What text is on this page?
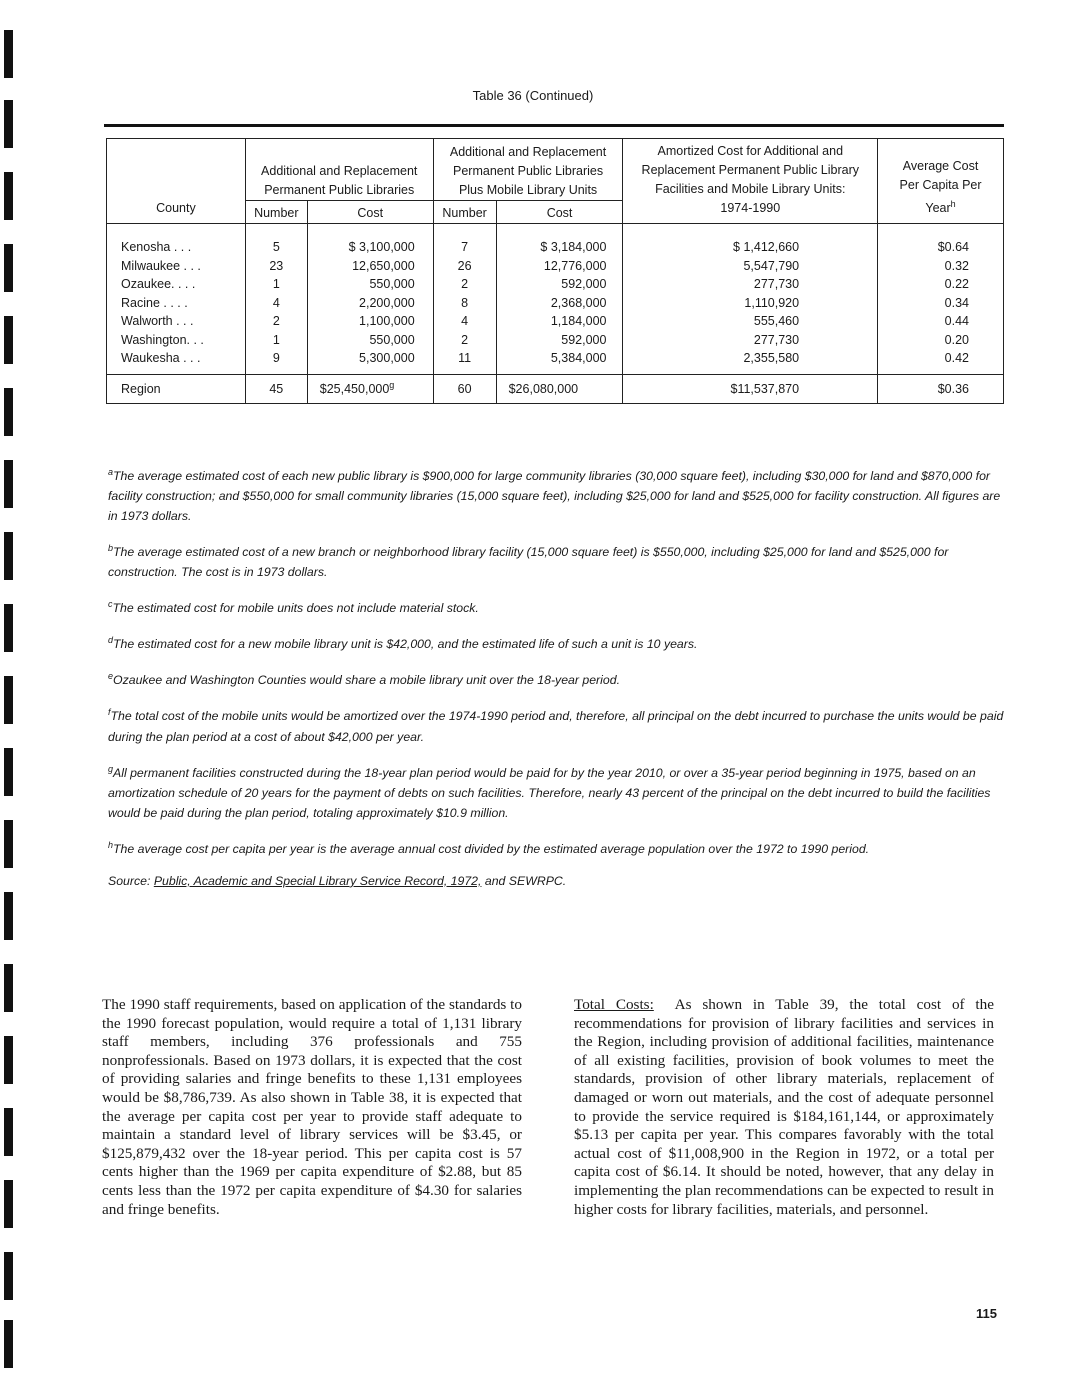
Table 36 (Continued)
County	Additional and Replacement Permanent Public Libraries		Additional and Replacement Permanent Public Libraries Plus Mobile Library Units		Amortized Cost for Additional and Replacement Permanent Public Library Facilities and Mobile Library Units: 1974-1990	Average Cost Per Capita Per Year$^h$
	Number	Cost	Number	Cost		
Kenosha . . .	5	$ 3,100,000	7	$ 3,184,000	$ 1,412,660	$0.64
Milwaukee . . .	23	12,650,000	26	12,776,000	5,547,790	0.32
Ozaukee. . . .	1	550,000	2	592,000	277,730	0.22
Racine . . . .	4	2,200,000	8	2,368,000	1,110,920	0.34
Walworth . . .	2	1,100,000	4	1,184,000	555,460	0.44
Washington. . .	1	550,000	2	592,000	277,730	0.20
Waukesha . . .	9	5,300,000	11	5,384,000	2,355,580	0.42
Region	45	$25,450,000$^g$	60	$26,080,000	$11,537,870	$0.36

$^a$The average estimated cost of each new public library is $900,000 for large community libraries (30,000 square feet), including $30,000 for land and $870,000 for facility construction; and $550,000 for small community libraries (15,000 square feet), including $25,000 for land and $525,000 for facility construction. All figures are in 1973 dollars.

$^b$The average estimated cost of a new branch or neighborhood library facility (15,000 square feet) is $550,000, including $25,000 for land and $525,000 for construction. The cost is in 1973 dollars.

$^c$The estimated cost for mobile units does not include material stock.

$^d$The estimated cost for a new mobile library unit is $42,000, and the estimated life of such a unit is 10 years.

$^e$Ozaukee and Washington Counties would share a mobile library unit over the 18-year period.

$^f$The total cost of the mobile units would be amortized over the 1974-1990 period and, therefore, all principal on the debt incurred to purchase the units would be paid during the plan period at a cost of about $42,000 per year.

$^g$All permanent facilities constructed during the 18-year plan period would be paid for by the year 2010, or over a 35-year period beginning in 1975, based on an amortization schedule of 20 years for the payment of debts on such facilities. Therefore, nearly 43 percent of the principal on the debt incurred to build the facilities would be paid during the plan period, totaling approximately $10.9 million.

$^h$The average cost per capita per year is the average annual cost divided by the estimated average population over the 1972 to 1990 period.

Source: Public, Academic and Special Library Service Record, 1972, and SEWRPC.

The 1990 staff requirements, based on application of the standards to the 1990 forecast population, would require a total of 1,131 library staff members, including 376 professionals and 755 nonprofessionals. Based on 1973 dollars, it is expected that the cost of providing salaries and fringe benefits to these 1,131 employees would be $8,786,739. As also shown in Table 38, it is expected that the average per capita cost per year to provide staff adequate to maintain a standard level of library services will be $3.45, or $125,879,432 over the 18-year period. This per capita cost is 57 cents higher than the 1969 per capita expenditure of $2.88, but 85 cents less than the 1972 per capita expenditure of $4.30 for salaries and fringe benefits.
Total Costs: As shown in Table 39, the total cost of the recommendations for provision of library facilities and services in the Region, including provision of additional facilities, maintenance of all existing facilities, provision of book volumes to meet the standards, provision of other library materials, replacement of damaged or worn out materials, and the cost of adequate personnel to provide the service required is $184,161,144, or approximately $5.13 per capita per year. This compares favorably with the total actual cost of $11,008,900 in the Region in 1972, or a total per capita cost of $6.14. It should be noted, however, that any delay in implementing the plan recommendations can be expected to result in higher costs for library facilities, materials, and personnel.
115
